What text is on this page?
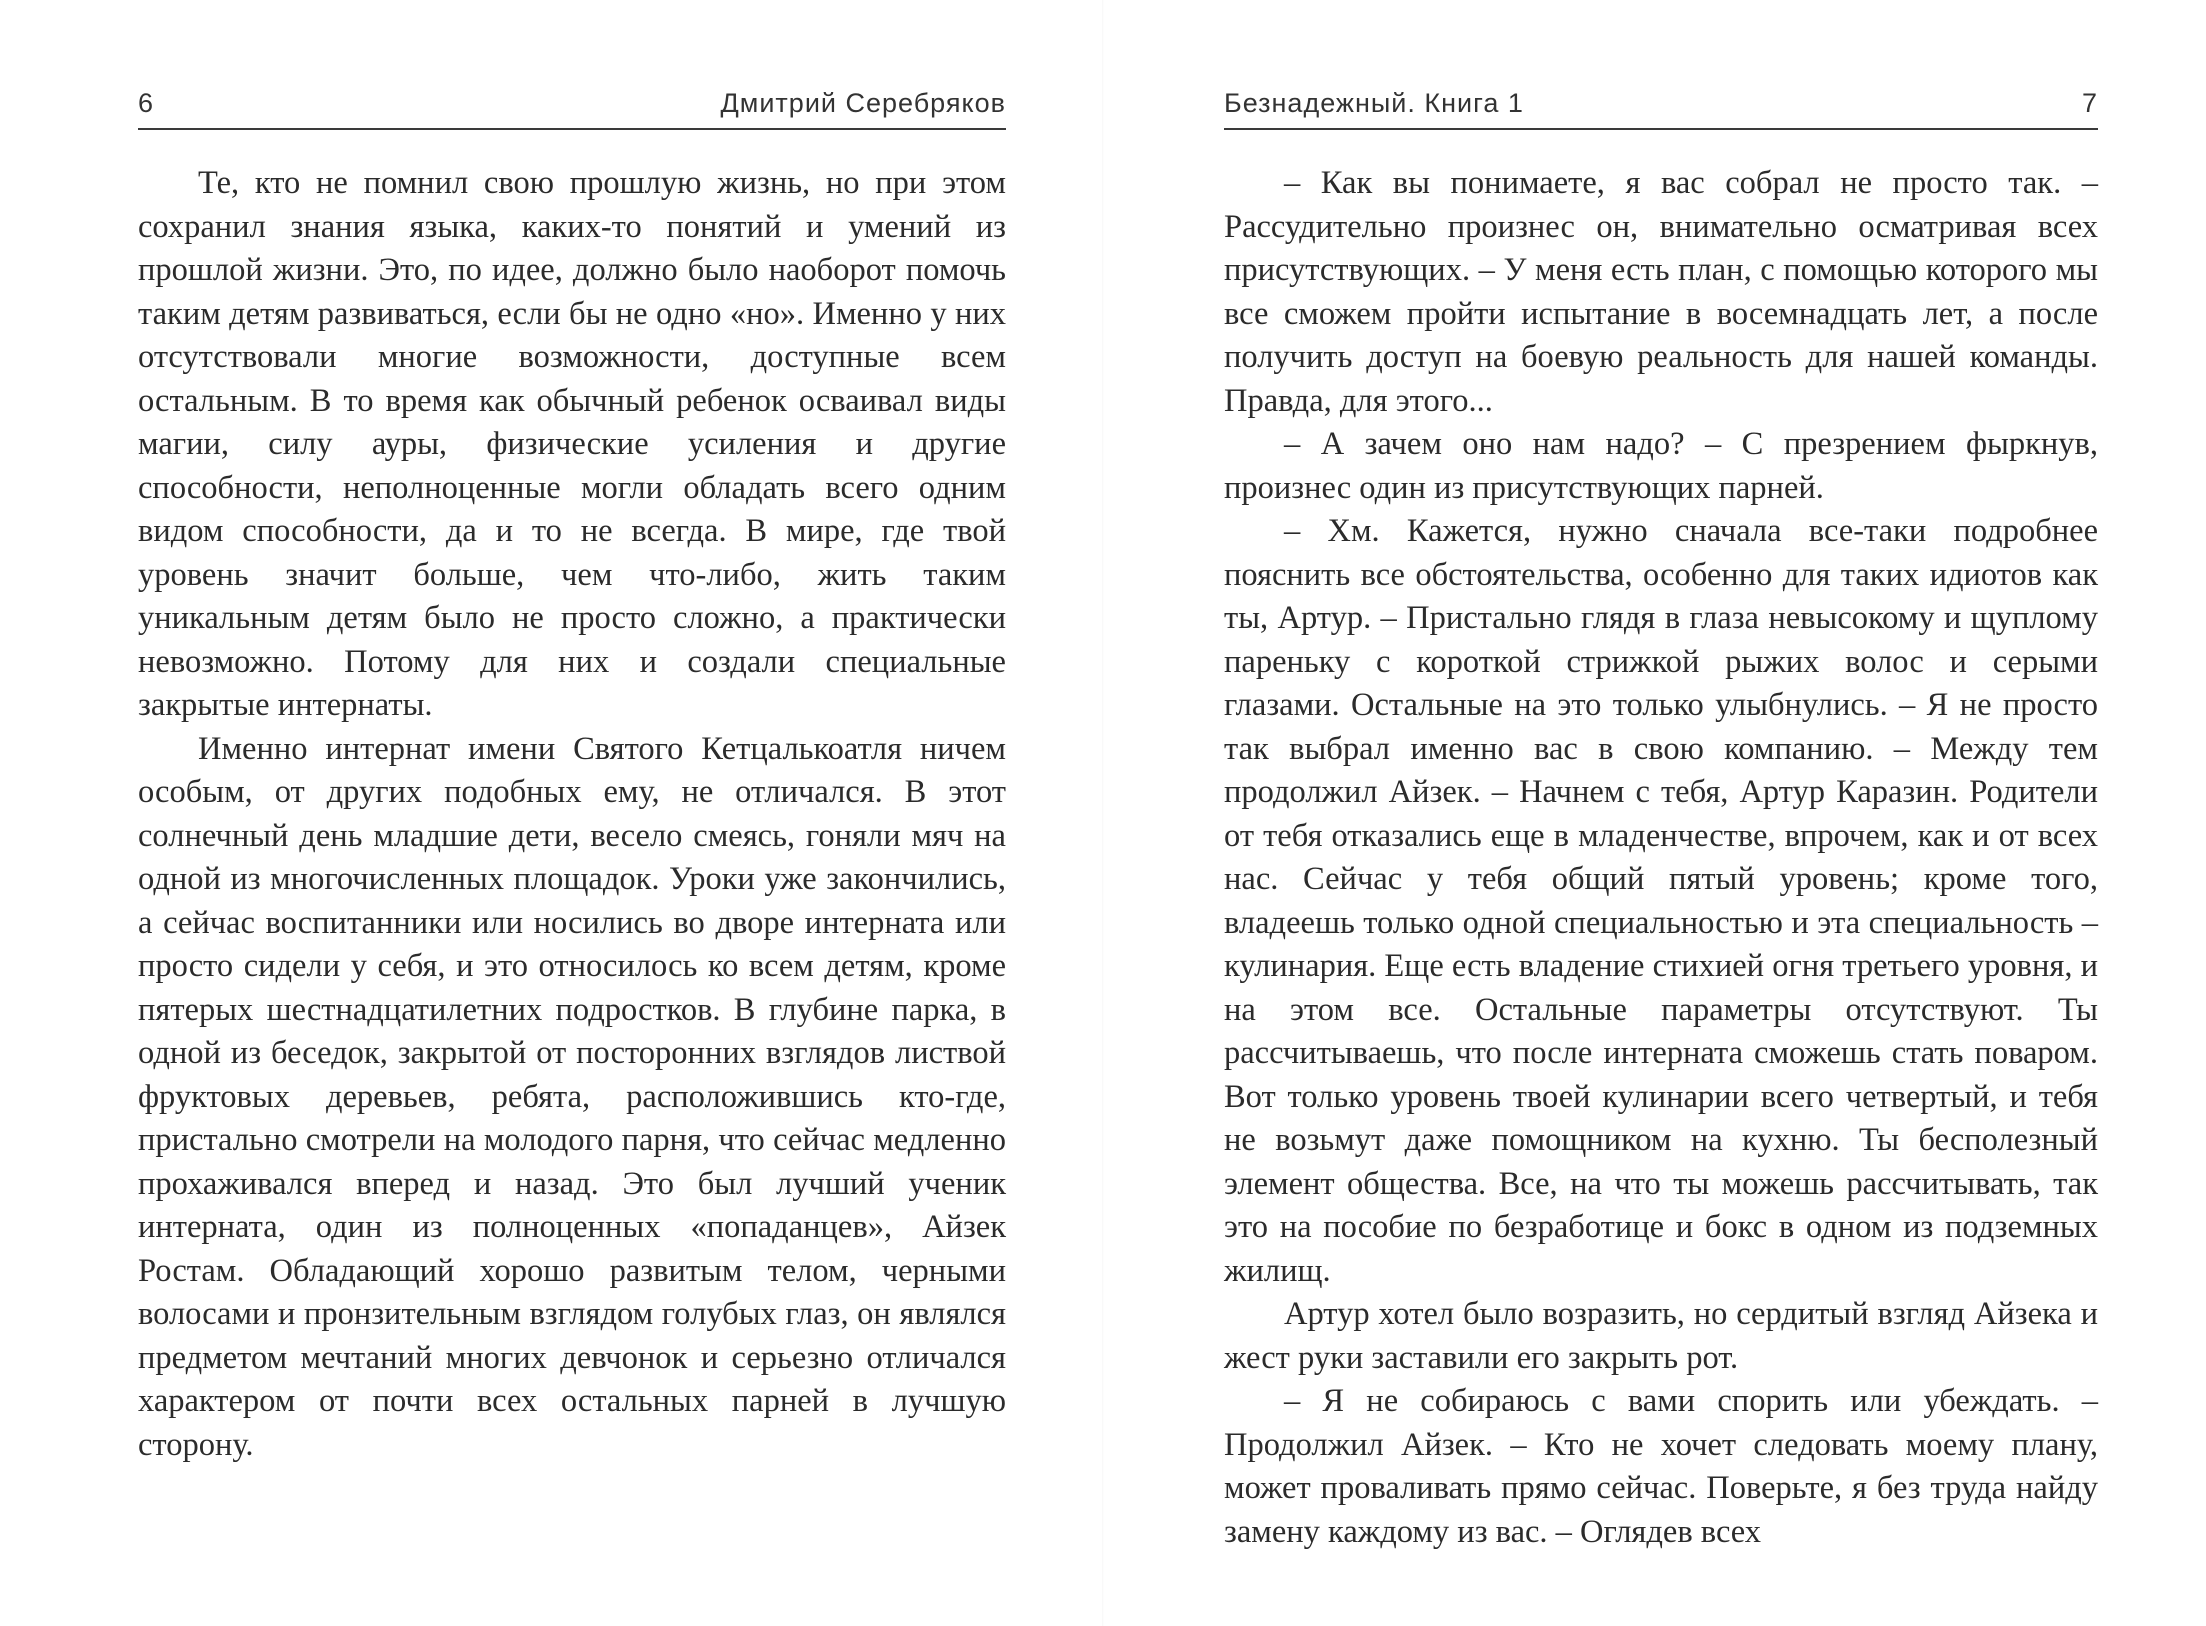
6	Дмитрий Серебряков

Те, кто не помнил свою прошлую жизнь, но при этом сохранил знания языка, каких-то понятий и умений из прошлой жизни. Это, по идее, должно было наоборот помочь таким детям развиваться, если бы не одно «но». Именно у них отсутствовали многие возможности, доступные всем остальным. В то время как обычный ребенок осваивал виды магии, силу ауры, физические усиления и другие способности, неполноценные могли обладать всего одним видом способности, да и то не всегда. В мире, где твой уровень значит больше, чем что-либо, жить таким уникальным детям было не просто сложно, а практически невозможно. Потому для них и создали специальные закрытые интернаты.

Именно интернат имени Святого Кетцалькоатля ничем особым, от других подобных ему, не отличался. В этот солнечный день младшие дети, весело смеясь, гоняли мяч на одной из многочисленных площадок. Уроки уже закончились, а сейчас воспитанники или носились во дворе интерната или просто сидели у себя, и это относилось ко всем детям, кроме пятерых шестнадцатилетних подростков. В глубине парка, в одной из беседок, закрытой от посторонних взглядов листвой фруктовых деревьев, ребята, расположившись кто-где, пристально смотрели на молодого парня, что сейчас медленно прохаживался вперед и назад. Это был лучший ученик интерната, один из полноценных «попаданцев», Айзек Ростам. Обладающий хорошо развитым телом, черными волосами и пронзительным взглядом голубых глаз, он являлся предметом мечтаний многих девчонок и серьезно отличался характером от почти всех остальных парней в лучшую сторону.

Безнадежный. Книга 1	7

– Как вы понимаете, я вас собрал не просто так. – Рассудительно произнес он, внимательно осматривая всех присутствующих. – У меня есть план, с помощью которого мы все сможем пройти испытание в восемнадцать лет, а после получить доступ на боевую реальность для нашей команды. Правда, для этого...

– А зачем оно нам надо? – С презрением фыркнув, произнес один из присутствующих парней.

– Хм. Кажется, нужно сначала все-таки подробнее пояснить все обстоятельства, особенно для таких идиотов как ты, Артур. – Пристально глядя в глаза невысокому и щуплому пареньку с короткой стрижкой рыжих волос и серыми глазами. Остальные на это только улыбнулись. – Я не просто так выбрал именно вас в свою компанию. – Между тем продолжил Айзек. – Начнем с тебя, Артур Каразин. Родители от тебя отказались еще в младенчестве, впрочем, как и от всех нас. Сейчас у тебя общий пятый уровень; кроме того, владеешь только одной специальностью и эта специальность – кулинария. Еще есть владение стихией огня третьего уровня, и на этом все. Остальные параметры отсутствуют. Ты рассчитываешь, что после интерната сможешь стать поваром. Вот только уровень твоей кулинарии всего четвертый, и тебя не возьмут даже помощником на кухню. Ты бесполезный элемент общества. Все, на что ты можешь рассчитывать, так это на пособие по безработице и бокс в одном из подземных жилищ.

Артур хотел было возразить, но сердитый взгляд Айзека и жест руки заставили его закрыть рот.

– Я не собираюсь с вами спорить или убеждать. – Продолжил Айзек. – Кто не хочет следовать моему плану, может проваливать прямо сейчас. Поверьте, я без труда найду замену каждому из вас. – Оглядев всех
